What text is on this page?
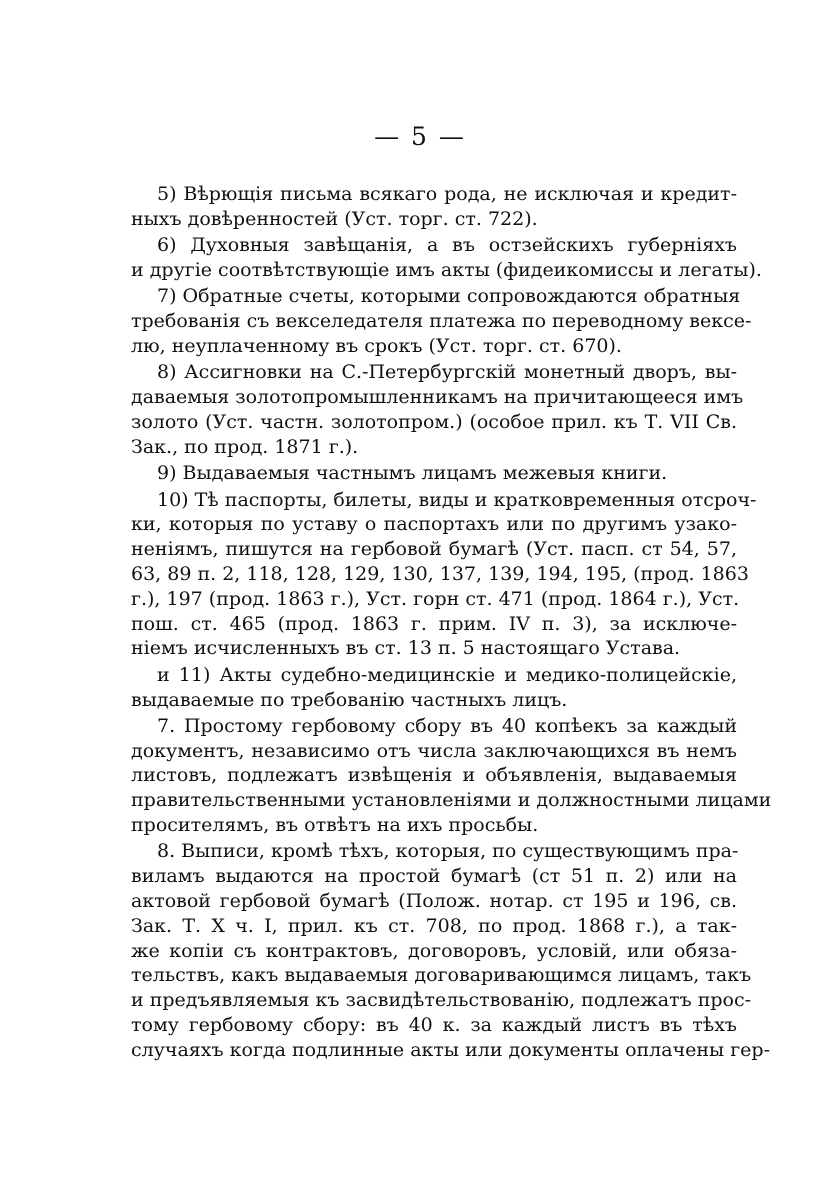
— 5 —
5) Вѣрющія письма всякаго рода, не исключая и кредит-
ныхъ довѣренностей (Уст. торг. ст. 722).
6) Духовныя завѣщанія, а въ остзейскихъ губерніяхъ
и другіе соотвѣтствующіе имъ акты (фидеикомиссы и легаты).
7) Обратные счеты, которыми сопровождаются обратныя
требованія съ векселедателя платежа по переводному вексе-
лю, неуплаченному въ срокъ (Уст. торг. ст. 670).
8) Ассигновки на С.-Петербургскій монетный дворъ, вы-
даваемыя золотопромышленникамъ на причитающееся имъ
золото (Уст. частн. золотопром.) (особое прил. къ Т. VII Св.
Зак., по прод. 1871 г.).
9) Выдаваемыя частнымъ лицамъ межевыя книги.
10) Тѣ паспорты, билеты, виды и кратковременныя отсроч-
ки, которыя по уставу о паспортахъ или по другимъ узако-
неніямъ, пишутся на гербовой бумагѣ (Уст. пасп. ст 54, 57,
63, 89 п. 2, 118, 128, 129, 130, 137, 139, 194, 195, (прод. 1863
г.), 197 (прод. 1863 г.), Уст. горн ст. 471 (прод. 1864 г.), Уст.
пош. ст. 465 (прод. 1863 г. прим. IV п. 3), за исключе-
ніемъ исчисленныхъ въ ст. 13 п. 5 настоящаго Устава.
и 11) Акты судебно-медицинскіе и медико-полицейскіе,
выдаваемые по требованію частныхъ лицъ.
7. Простому гербовому сбору въ 40 копѣекъ за каждый
документъ, независимо отъ числа заключающихся въ немъ
листовъ, подлежатъ извѣщенія и объявленія, выдаваемыя
правительственными установленіями и должностными лицами
просителямъ, въ отвѣтъ на ихъ просьбы.
8. Выписи, кромѣ тѣхъ, которыя, по существующимъ пра-
виламъ выдаются на простой бумагѣ (ст 51 п. 2) или на
актовой гербовой бумагѣ (Полож. нотар. ст 195 и 196, св.
Зак. Т. X ч. I, прил. къ ст. 708, по прод. 1868 г.), а так-
же копіи съ контрактовъ, договоровъ, условій, или обяза-
тельствъ, какъ выдаваемыя договаривающимся лицамъ, такъ
и предъявляемыя къ засвидѣтельствованію, подлежатъ прос-
тому гербовому сбору: въ 40 к. за каждый листъ въ тѣхъ
случаяхъ когда подлинные акты или документы оплачены гер-
